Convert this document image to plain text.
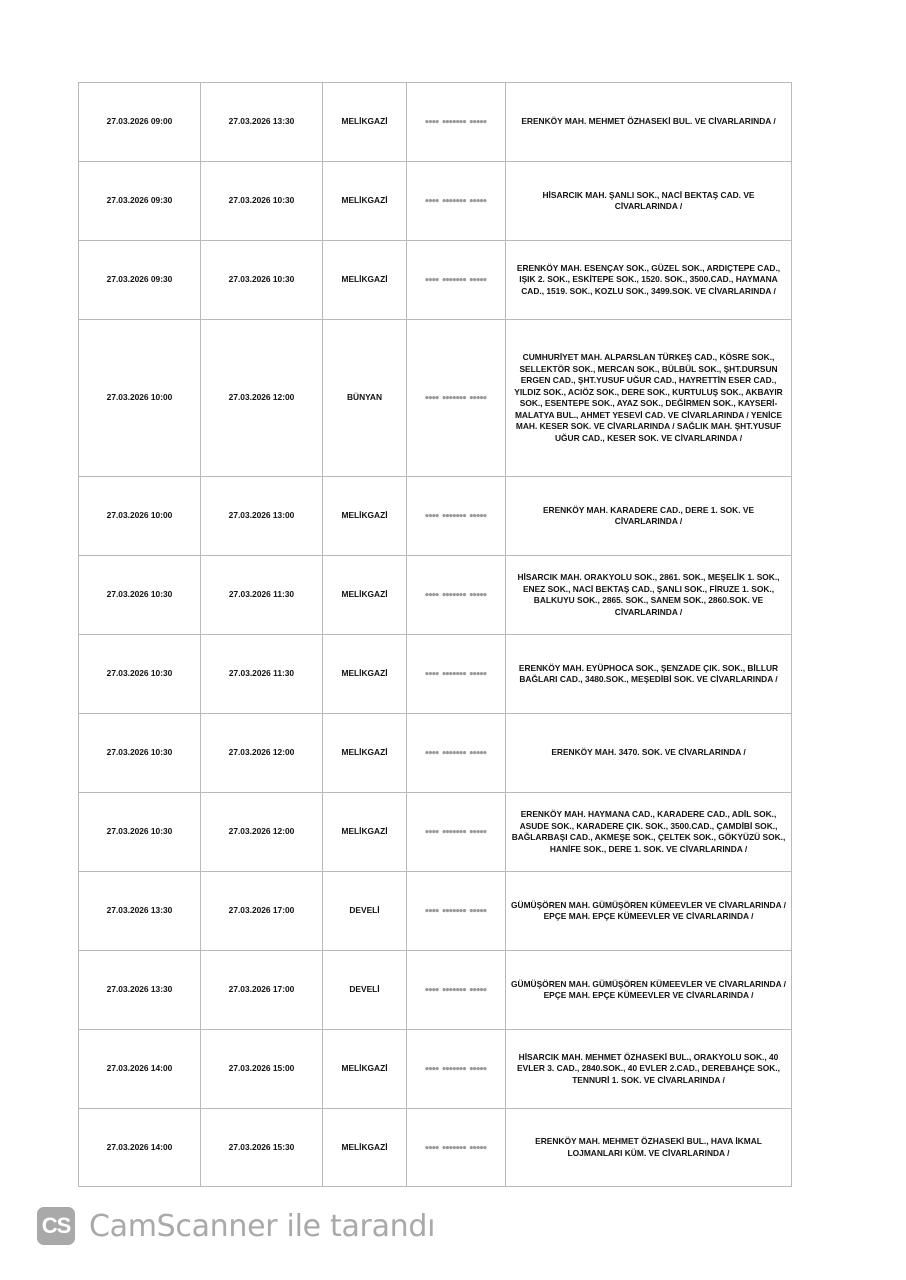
27.03.2026 09:00	27.03.2026 13:30	MELİKGAZİ	●●●● ●●●●●●● ●●●●●	ERENKÖY MAH. MEHMET ÖZHASEKİ BUL. VE CİVARLARINDA /
27.03.2026 09:30	27.03.2026 10:30	MELİKGAZİ	●●●● ●●●●●●● ●●●●●	HİSARCIK MAH. ŞANLI SOK., NACİ BEKTAŞ CAD. VE CİVARLARINDA /
27.03.2026 09:30	27.03.2026 10:30	MELİKGAZİ	●●●● ●●●●●●● ●●●●●	ERENKÖY MAH. ESENÇAY SOK., GÜZEL SOK., ARDIÇTEPE CAD., IŞIK 2. SOK., ESKİTEPE SOK., 1520. SOK., 3500.CAD., HAYMANA CAD., 1519. SOK., KOZLU SOK., 3499.SOK. VE CİVARLARINDA /
27.03.2026 10:00	27.03.2026 12:00	BÜNYAN	●●●● ●●●●●●● ●●●●●	CUMHURİYET MAH. ALPARSLAN TÜRKEŞ CAD., KÖSRE SOK., SELLEKTÖR SOK., MERCAN SOK., BÜLBÜL SOK., ŞHT.DURSUN ERGEN CAD., ŞHT.YUSUF UĞUR CAD., HAYRETTİN ESER CAD., YILDIZ SOK., ACIÖZ SOK., DERE SOK., KURTULUŞ SOK., AKBAYIR SOK., ESENTEPE SOK., AYAZ SOK., DEĞİRMEN SOK., KAYSERİ-MALATYA BUL., AHMET YESEVİ CAD. VE CİVARLARINDA / YENİCE MAH. KESER SOK. VE CİVARLARINDA / SAĞLIK MAH. ŞHT.YUSUF UĞUR CAD., KESER SOK. VE CİVARLARINDA /
27.03.2026 10:00	27.03.2026 13:00	MELİKGAZİ	●●●● ●●●●●●● ●●●●●	ERENKÖY MAH. KARADERE CAD., DERE 1. SOK. VE CİVARLARINDA /
27.03.2026 10:30	27.03.2026 11:30	MELİKGAZİ	●●●● ●●●●●●● ●●●●●	HİSARCIK MAH. ORAKYOLU SOK., 2861. SOK., MEŞELİK 1. SOK., ENEZ SOK., NACİ BEKTAŞ CAD., ŞANLI SOK., FİRUZE 1. SOK., BALKUYU SOK., 2865. SOK., SANEM SOK., 2860.SOK. VE CİVARLARINDA /
27.03.2026 10:30	27.03.2026 11:30	MELİKGAZİ	●●●● ●●●●●●● ●●●●●	ERENKÖY MAH. EYÜPHOCA SOK., ŞENZADE ÇIK. SOK., BİLLUR BAĞLARI CAD., 3480.SOK., MEŞEDİBİ SOK. VE CİVARLARINDA /
27.03.2026 10:30	27.03.2026 12:00	MELİKGAZİ	●●●● ●●●●●●● ●●●●●	ERENKÖY MAH. 3470. SOK. VE CİVARLARINDA /
27.03.2026 10:30	27.03.2026 12:00	MELİKGAZİ	●●●● ●●●●●●● ●●●●●	ERENKÖY MAH. HAYMANA CAD., KARADERE CAD., ADİL SOK., ASUDE SOK., KARADERE ÇIK. SOK., 3500.CAD., ÇAMDİBİ SOK., BAĞLARBAŞI CAD., AKMEŞE SOK., ÇELTEK SOK., GÖKYÜZÜ SOK., HANİFE SOK., DERE 1. SOK. VE CİVARLARINDA /
27.03.2026 13:30	27.03.2026 17:00	DEVELİ	●●●● ●●●●●●● ●●●●●	GÜMÜŞÖREN MAH. GÜMÜŞÖREN KÜMEEVLER VE CİVARLARINDA / EPÇE MAH. EPÇE KÜMEEVLER VE CİVARLARINDA /
27.03.2026 13:30	27.03.2026 17:00	DEVELİ	●●●● ●●●●●●● ●●●●●	GÜMÜŞÖREN MAH. GÜMÜŞÖREN KÜMEEVLER VE CİVARLARINDA / EPÇE MAH. EPÇE KÜMEEVLER VE CİVARLARINDA /
27.03.2026 14:00	27.03.2026 15:00	MELİKGAZİ	●●●● ●●●●●●● ●●●●●	HİSARCIK MAH. MEHMET ÖZHASEKİ BUL., ORAKYOLU SOK., 40 EVLER 3. CAD., 2840.SOK., 40 EVLER 2.CAD., DEREBAHÇE SOK., TENNURİ 1. SOK. VE CİVARLARINDA /
27.03.2026 14:00	27.03.2026 15:30	MELİKGAZİ	●●●● ●●●●●●● ●●●●●	ERENKÖY MAH. MEHMET ÖZHASEKİ BUL., HAVA İKMAL LOJMANLARI KÜM. VE CİVARLARINDA /
CS CamScanner ile tarandı
